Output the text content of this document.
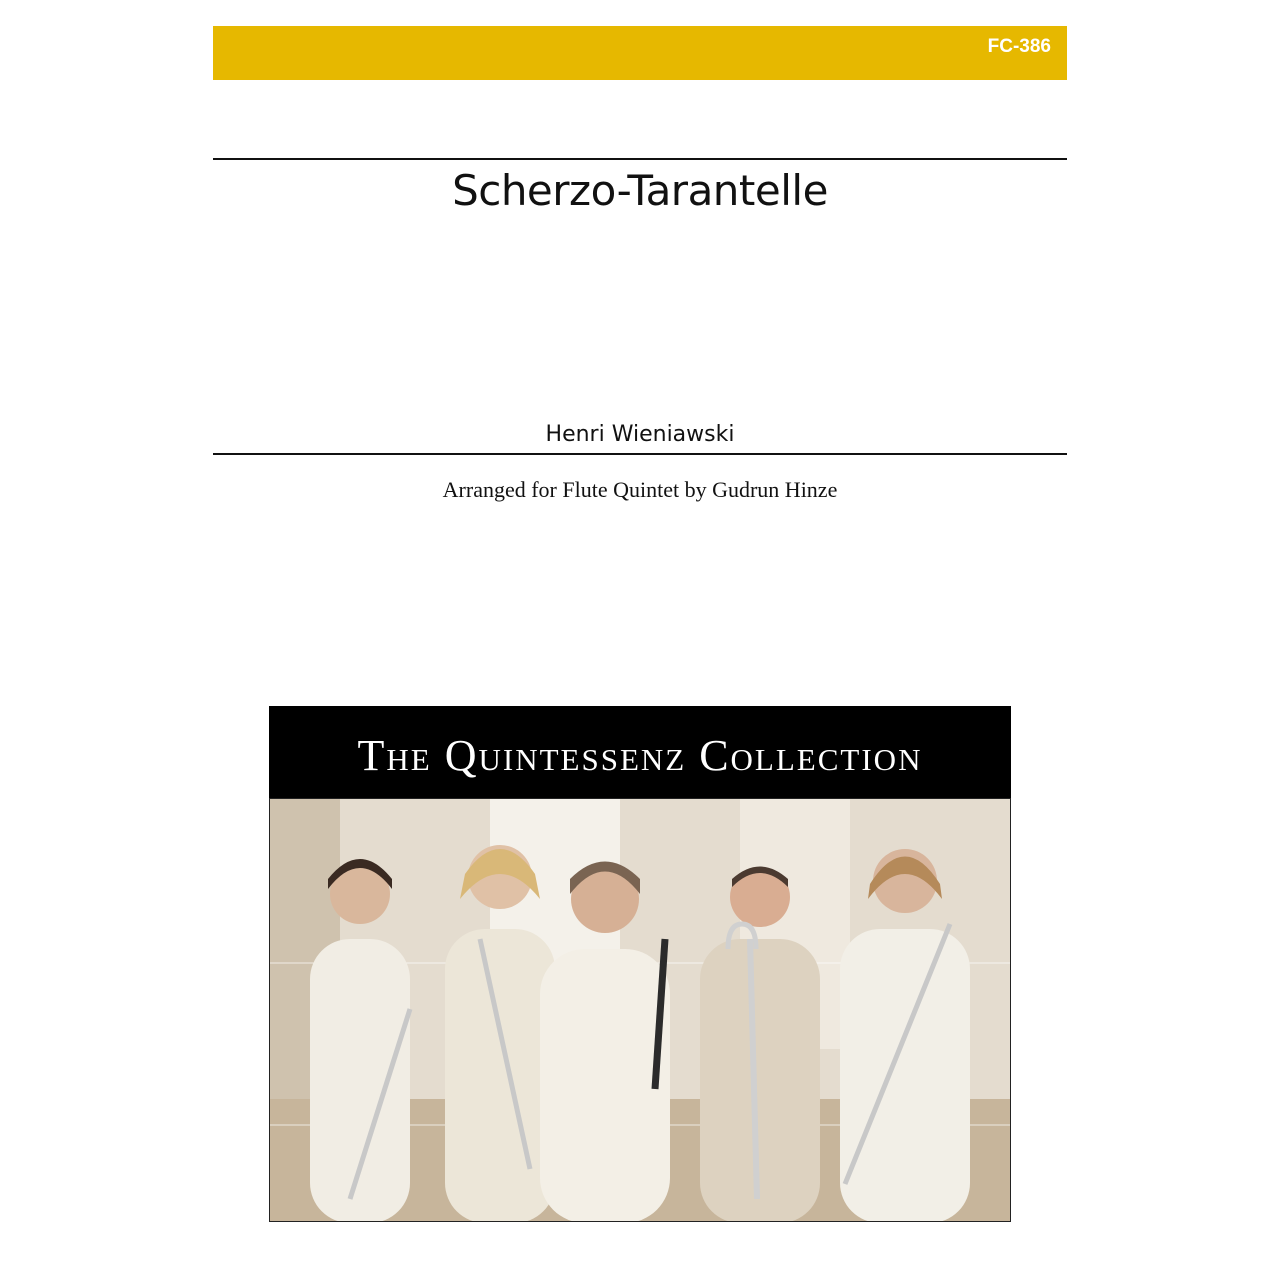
FC-386
Scherzo-Tarantelle
Henri Wieniawski
Arranged for Flute Quintet by Gudrun Hinze
The Quintessenz Collection
